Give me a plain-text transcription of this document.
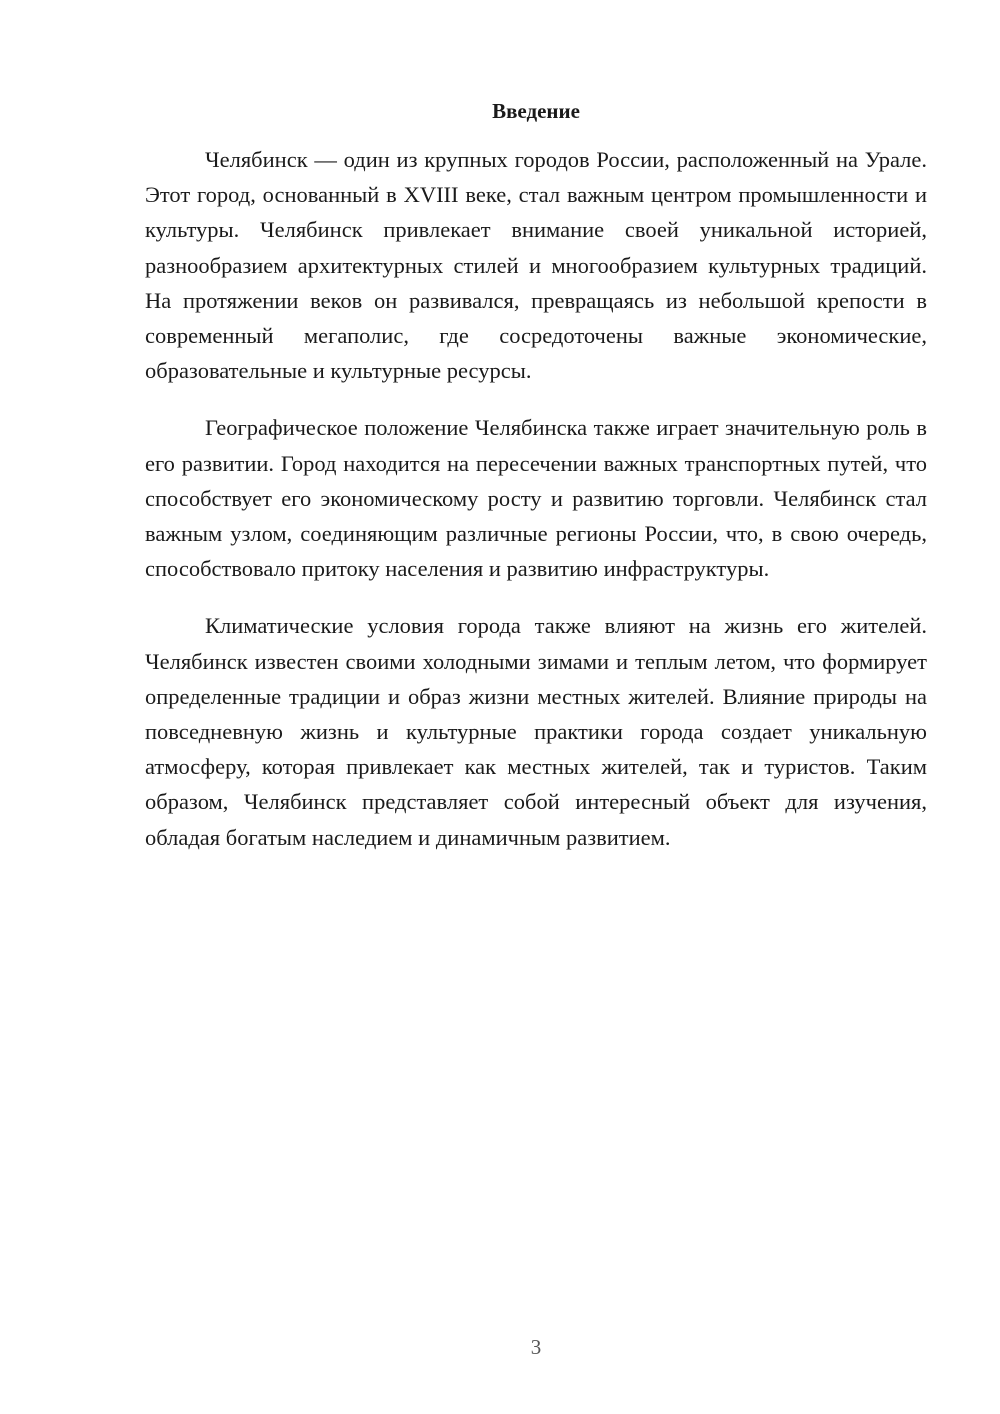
Введение

Челябинск — один из крупных городов России, расположенный на Урале. Этот город, основанный в XVIII веке, стал важным центром промышленности и культуры. Челябинск привлекает внимание своей уникальной историей, разнообразием архитектурных стилей и многообразием культурных традиций. На протяжении веков он развивался, превращаясь из небольшой крепости в современный мегаполис, где сосредоточены важные экономические, образовательные и культурные ресурсы.

Географическое положение Челябинска также играет значительную роль в его развитии. Город находится на пересечении важных транспортных путей, что способствует его экономическому росту и развитию торговли. Челябинск стал важным узлом, соединяющим различные регионы России, что, в свою очередь, способствовало притоку населения и развитию инфраструктуры.

Климатические условия города также влияют на жизнь его жителей. Челябинск известен своими холодными зимами и теплым летом, что формирует определенные традиции и образ жизни местных жителей. Влияние природы на повседневную жизнь и культурные практики города создает уникальную атмосферу, которая привлекает как местных жителей, так и туристов. Таким образом, Челябинск представляет собой интересный объект для изучения, обладая богатым наследием и динамичным развитием.

3
